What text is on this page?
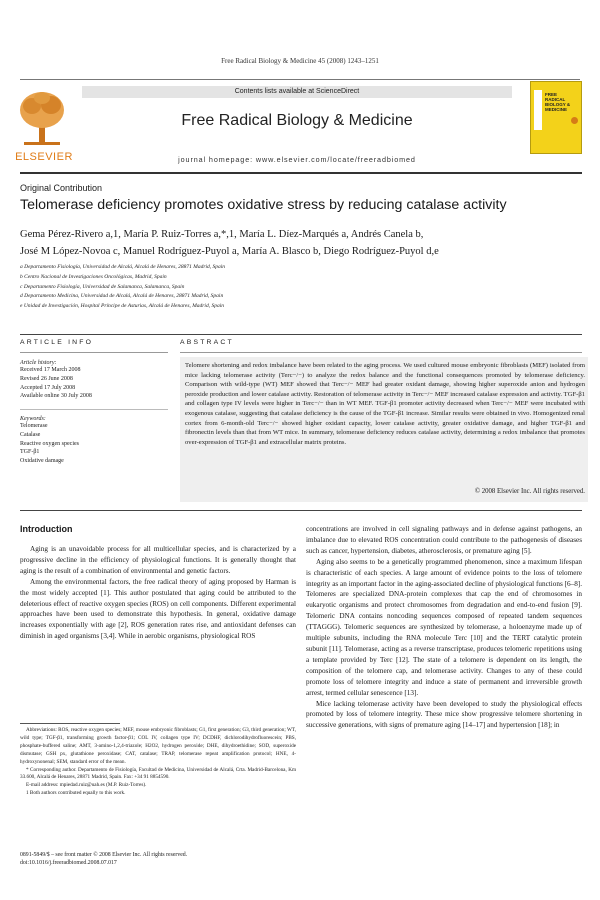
Free Radical Biology & Medicine 45 (2008) 1243–1251
ELSEVIER
Contents lists available at ScienceDirect
Free Radical Biology & Medicine
journal homepage: www.elsevier.com/locate/freeradbiomed
FREE
RADICAL
BIOLOGY &
MEDICINE
Original Contribution
Telomerase deficiency promotes oxidative stress by reducing catalase activity
Gema Pérez-Rivero a,1, María P. Ruiz-Torres a,*,1, María L. Díez-Marqués a, Andrés Canela b,
José M López-Novoa c, Manuel Rodríguez-Puyol a, María A. Blasco b, Diego Rodríguez-Puyol d,e
a Departamento Fisiología, Universidad de Alcalá, Alcalá de Henares, 28871 Madrid, Spain
b Centro Nacional de Investigaciones Oncológicas, Madrid, Spain
c Departamento Fisiología, Universidad de Salamanca, Salamanca, Spain
d Departamento Medicina, Universidad de Alcalá, Alcalá de Henares, 28871 Madrid, Spain
e Unidad de Investigación, Hospital Príncipe de Asturias, Alcalá de Henares, Madrid, Spain
ARTICLE INFO	ABSTRACT
Article history:
Received 17 March 2008
Revised 26 June 2008
Accepted 17 July 2008
Available online 30 July 2008
Keywords:
Telomerase
Catalase
Reactive oxygen species
TGF-β1
Oxidative damage
Telomere shortening and redox imbalance have been related to the aging process. We used cultured mouse embryonic fibroblasts (MEF) isolated from mice lacking telomerase activity (Terc−/−) to analyze the redox balance and the functional consequences promoted by telomerase deficiency. Comparison with wild-type (WT) MEF showed that Terc−/− MEF had greater oxidant damage, showing higher superoxide anion and hydrogen peroxide production and lower catalase activity. Restoration of telomerase activity in Terc−/− MEF increased catalase expression and activity. TGF-β1 and collagen type IV levels were higher in Terc−/− than in WT MEF. TGF-β1 promoter activity decreased when Terc−/− MEF were incubated with exogenous catalase, suggesting that catalase deficiency is the cause of the TGF-β1 increase. Similar results were obtained in vivo. Homogenized renal cortex from 6-month-old Terc−/− showed higher oxidant capacity, lower catalase activity, greater oxidative damage, and higher TGF-β1 and fibronectin levels than that from WT mice. In summary, telomerase deficiency reduces catalase activity, determining a redox imbalance that promotes over-expression of TGF-β1 and extracellular matrix proteins.
© 2008 Elsevier Inc. All rights reserved.
Introduction

Aging is an unavoidable process for all multicellular species, and is characterized by a progressive decline in the efficiency of physiological functions. It is generally thought that aging is the result of a combination of environmental and genetic factors.

Among the environmental factors, the free radical theory of aging proposed by Harman is the most widely accepted [1]. This author postulated that aging could be attributed to the deleterious effect of reactive oxygen species (ROS) on cell components. Different experimental approaches have been used to demonstrate this hypothesis. In general, oxidative damage increases exponentially with age [2], ROS generation rates rise, and antioxidant defenses can diminish in aged organisms [3,4]. While in aerobic organisms, physiological ROS

Abbreviations: ROS, reactive oxygen species; MEF, mouse embryonic fibroblasts; G1, first generation; G3, third generation; WT, wild type; TGF-β1, transforming growth factor-β1; COL IV, collagen type IV; DCDHF, dichlorodihydrofluorescein; PBS, phosphate-buffered saline; AMT, 3-amino-1,2,4-triazole; H2O2, hydrogen peroxide; DHE, dihydroethidine; SOD, superoxide dismutase; GSH px, glutathione peroxidase; CAT, catalase; TRAP, telomerase repeat amplification protocol; HNE, 4-hydroxynonenal; SEM, standard error of the mean.

* Corresponding author. Departamento de Fisiología, Facultad de Medicina, Universidad de Alcalá, Crta. Madrid-Barcelona, Km 33.600, Alcalá de Henares, 28871 Madrid, Spain. Fax: +34 91 8854590.

E-mail address: mpiedad.ruiz@uah.es (M.P. Ruiz-Torres).

1 Both authors contributed equally to this work.

0891-5849/$ – see front matter © 2008 Elsevier Inc. All rights reserved.
doi:10.1016/j.freeradbiomed.2008.07.017

concentrations are involved in cell signaling pathways and in defense against pathogens, an imbalance due to elevated ROS concentration could contribute to the pathogenesis of diseases such as cancer, hypertension, diabetes, atherosclerosis, or premature aging [5].

Aging also seems to be a genetically programmed phenomenon, since a maximum lifespan is characteristic of each species. A large amount of evidence points to the loss of telomere integrity as an important factor in the aging-associated decline of physiological functions [6–8]. Telomeres are specialized DNA-protein complexes that cap the end of chromosomes in eukaryotic organisms and protect chromosomes from degradation and end-to-end fusion [9]. Telomeric DNA contains noncoding sequences composed of repeated tandem sequences (TTAGGG). Telomeric sequences are synthesized by telomerase, a holoenzyme made up of multiple subunits, including the RNA molecule Terc [10] and the TERT catalytic protein subunit [11]. Telomerase, acting as a reverse transcriptase, produces telomeric repetitions using a template provided by Terc [12]. The state of a telomere is dependent on its length, the composition of the telomere cap, and telomerase activity. Changes to any of these could promote loss of telomere integrity and induce a state of permanent and irreversible growth arrest, termed cellular senescence [13].

Mice lacking telomerase activity have been developed to study the physiological effects promoted by loss of telomere integrity. These mice show progressive telomere shortening in successive generations, with signs of premature aging [14–17] and hypertension [18]; in
